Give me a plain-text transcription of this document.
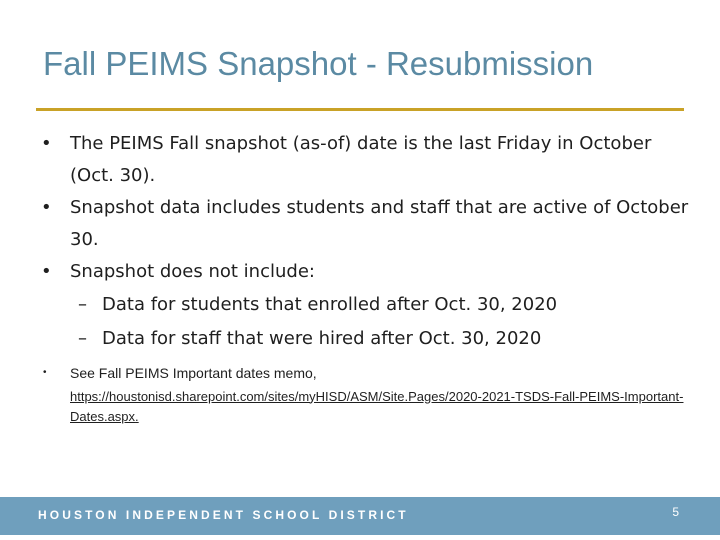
Fall PEIMS Snapshot - Resubmission
• The PEIMS Fall snapshot (as-of) date is the last Friday in October (Oct. 30).
• Snapshot data includes students and staff that are active of October 30.
• Snapshot does not include:
– Data for students that enrolled after Oct. 30, 2020
– Data for staff that were hired after Oct. 30, 2020
• See Fall PEIMS Important dates memo,
https://houstonisd.sharepoint.com/sites/myHISD/ASM/Site.Pages/2020-2021-TSDS-Fall-PEIMS-Important-Dates.aspx.
HOUSTON INDEPENDENT SCHOOL DISTRICT	5
